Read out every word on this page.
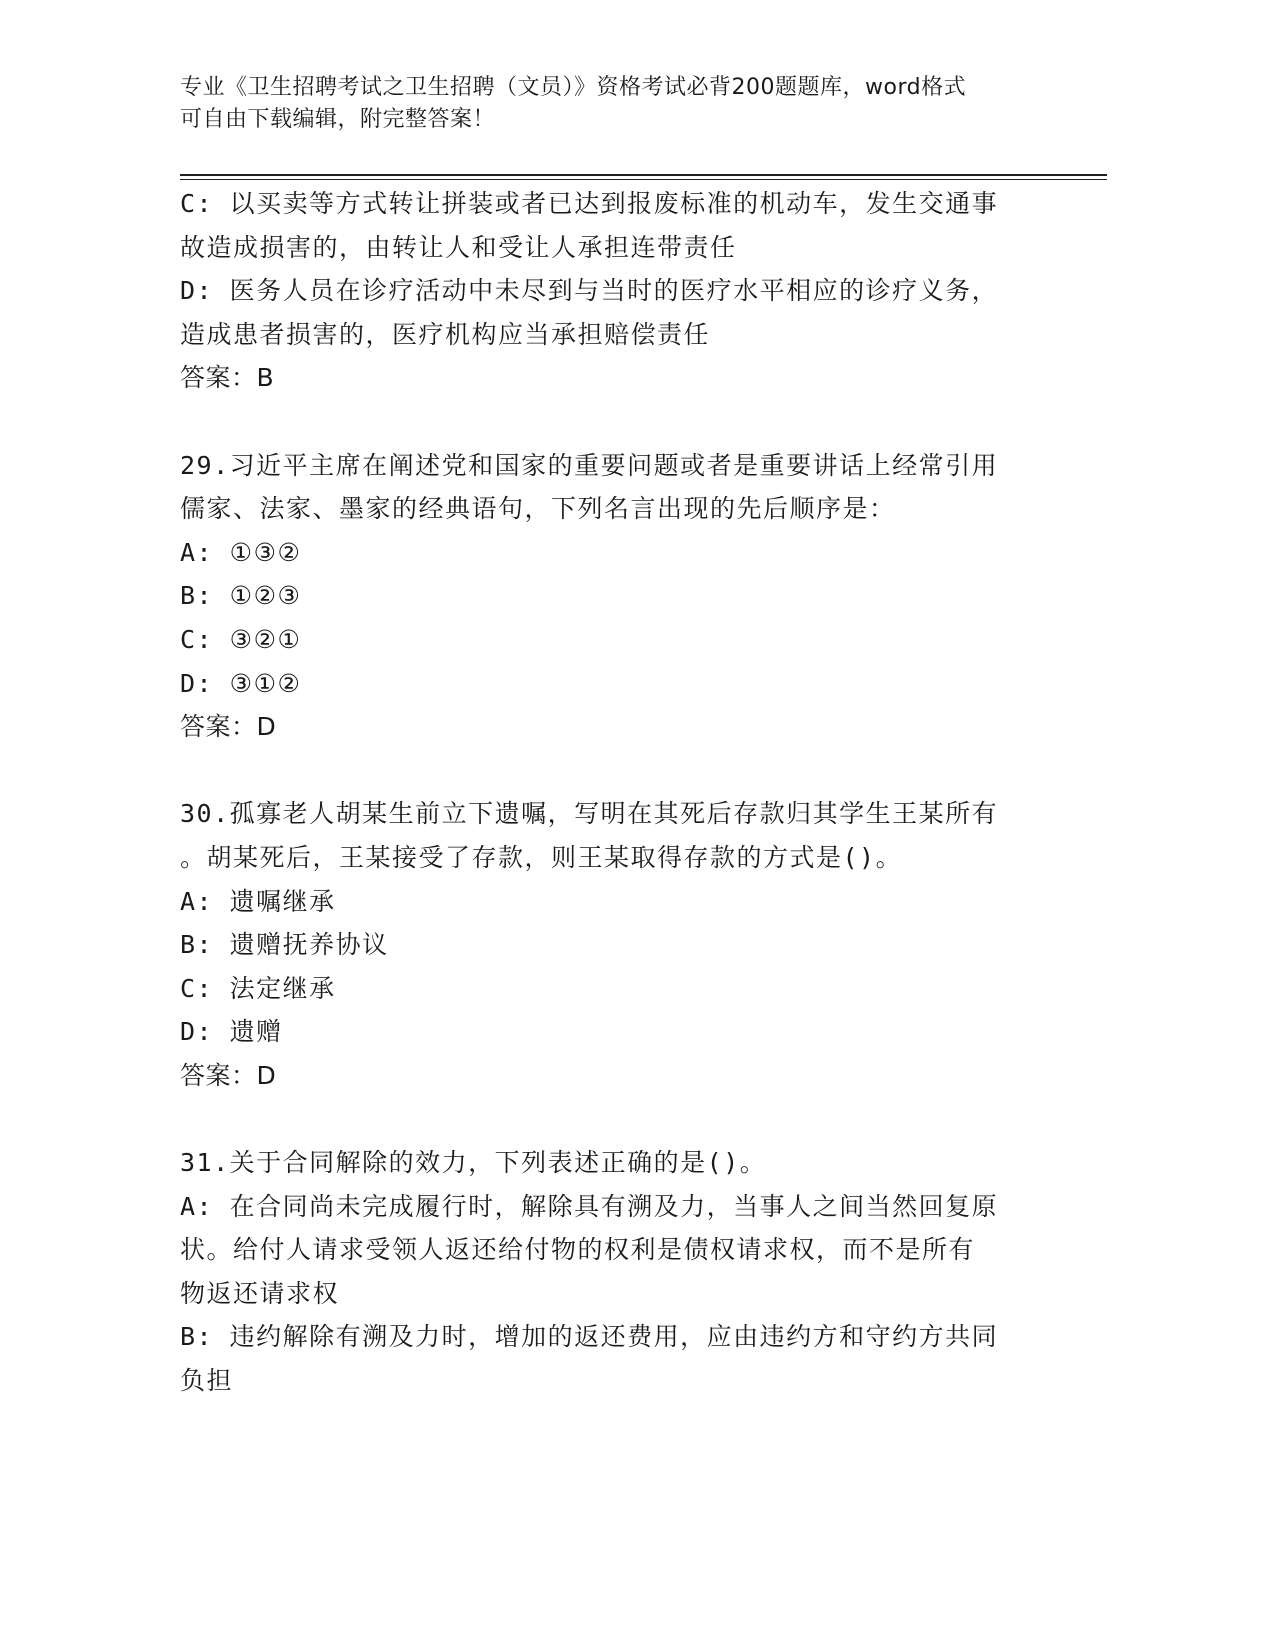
专业《卫生招聘考试之卫生招聘（文员）》资格考试必背200题题库，word格式
可自由下载编辑，附完整答案！
C: 以买卖等方式转让拼装或者已达到报废标准的机动车，发生交通事
故造成损害的，由转让人和受让人承担连带责任
D: 医务人员在诊疗活动中未尽到与当时的医疗水平相应的诊疗义务，
造成患者损害的，医疗机构应当承担赔偿责任
答案：B
29.习近平主席在阐述党和国家的重要问题或者是重要讲话上经常引用
儒家、法家、墨家的经典语句，下列名言出现的先后顺序是：
A: ①③②
B: ①②③
C: ③②①
D: ③①②
答案：D
30.孤寡老人胡某生前立下遗嘱，写明在其死后存款归其学生王某所有
。胡某死后，王某接受了存款，则王某取得存款的方式是()。
A: 遗嘱继承
B: 遗赠抚养协议
C: 法定继承
D: 遗赠
答案：D
31.关于合同解除的效力，下列表述正确的是()。
A: 在合同尚未完成履行时，解除具有溯及力，当事人之间当然回复原
状。给付人请求受领人返还给付物的权利是债权请求权，而不是所有
物返还请求权
B: 违约解除有溯及力时，增加的返还费用，应由违约方和守约方共同
负担
